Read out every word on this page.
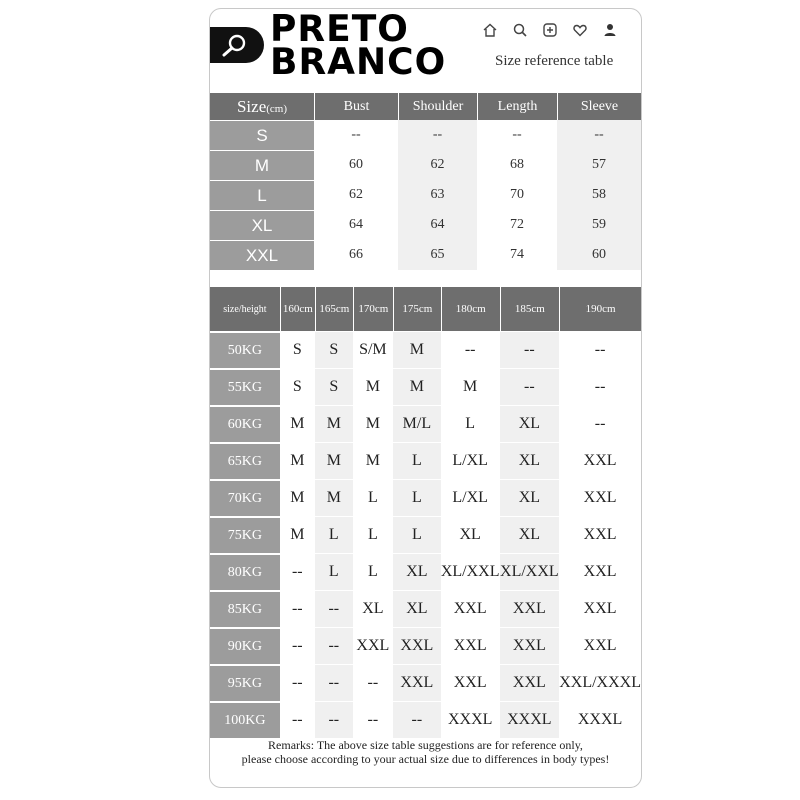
PRETO
BRANCO	Size reference table
Size(cm)	Bust	Shoulder	Length	Sleeve
S	--	--	--	--
M	60	62	68	57
L	62	63	70	58
XL	64	64	72	59
XXL	66	65	74	60
size/height	160cm	165cm	170cm	175cm	180cm	185cm	190cm
50KG	S	S	S/M	M	--	--	--
55KG	S	S	M	M	M	--	--
60KG	M	M	M	M/L	L	XL	--
65KG	M	M	M	L	L/XL	XL	XXL
70KG	M	M	L	L	L/XL	XL	XXL
75KG	M	L	L	L	XL	XL	XXL
80KG	--	L	L	XL	XL/XXL	XL/XXL	XXL
85KG	--	--	XL	XL	XXL	XXL	XXL
90KG	--	--	XXL	XXL	XXL	XXL	XXL
95KG	--	--	--	XXL	XXL	XXL	XXL/XXXL
100KG	--	--	--	--	XXXL	XXXL	XXXL
Remarks: The above size table suggestions are for reference only,
please choose according to your actual size due to differences in body types!
